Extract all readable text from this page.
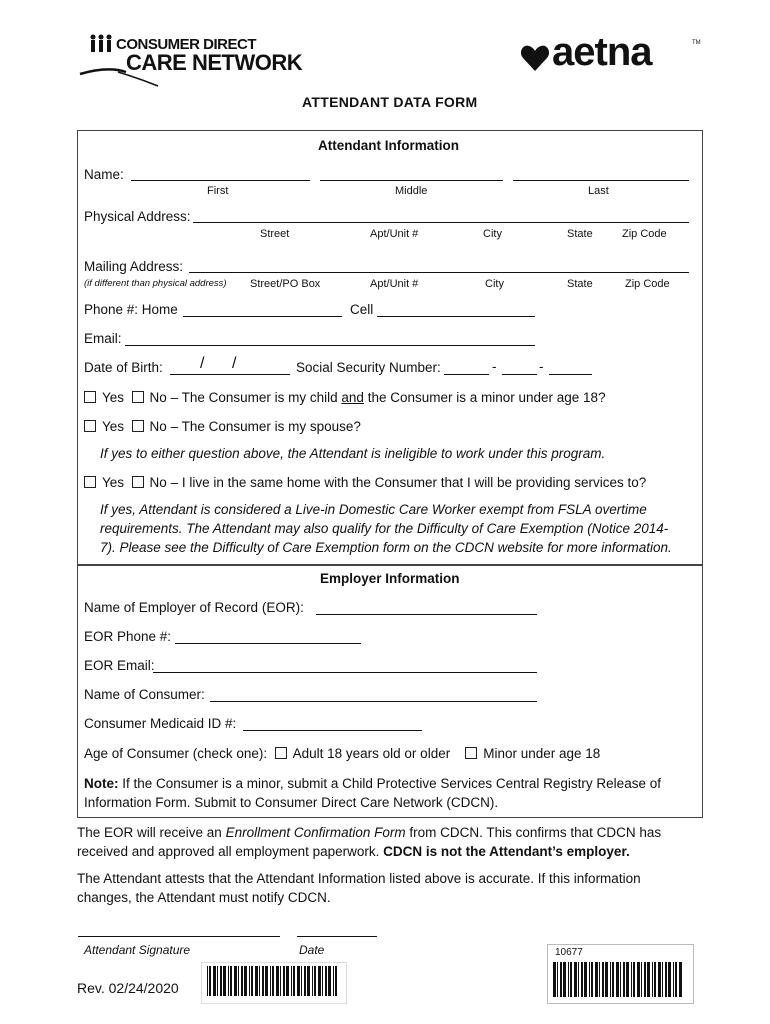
CONSUMER DIRECT
CARE NETWORK	aetna	TM
ATTENDANT DATA FORM
Attendant Information
Name:
First	Middle	Last
Physical Address:
Street	Apt/Unit #	City	State	Zip Code
Mailing Address:
(if different than physical address) Street/PO Box	Apt/Unit #	City	State	Zip Code
Phone #: Home	Cell
Email:
Date of Birth: / /	Social Security Number:	-	-
Yes No – The Consumer is my child and the Consumer is a minor under age 18?
Yes No – The Consumer is my spouse?
If yes to either question above, the Attendant is ineligible to work under this program.
Yes No – I live in the same home with the Consumer that I will be providing services to?
If yes, Attendant is considered a Live-in Domestic Care Worker exempt from FSLA overtime
requirements. The Attendant may also qualify for the Difficulty of Care Exemption (Notice 2014-
7). Please see the Difficulty of Care Exemption form on the CDCN website for more information.
Employer Information
Name of Employer of Record (EOR):
EOR Phone #:
EOR Email:
Name of Consumer:
Consumer Medicaid ID #:
Age of Consumer (check one): Adult 18 years old or older Minor under age 18
Note: If the Consumer is a minor, submit a Child Protective Services Central Registry Release of
Information Form. Submit to Consumer Direct Care Network (CDCN).
The EOR will receive an Enrollment Confirmation Form from CDCN. This confirms that CDCN has
received and approved all employment paperwork. CDCN is not the Attendant’s employer.
The Attendant attests that the Attendant Information listed above is accurate. If this information
changes, the Attendant must notify CDCN.
Attendant Signature	Date
Rev. 02/24/2020
10677
